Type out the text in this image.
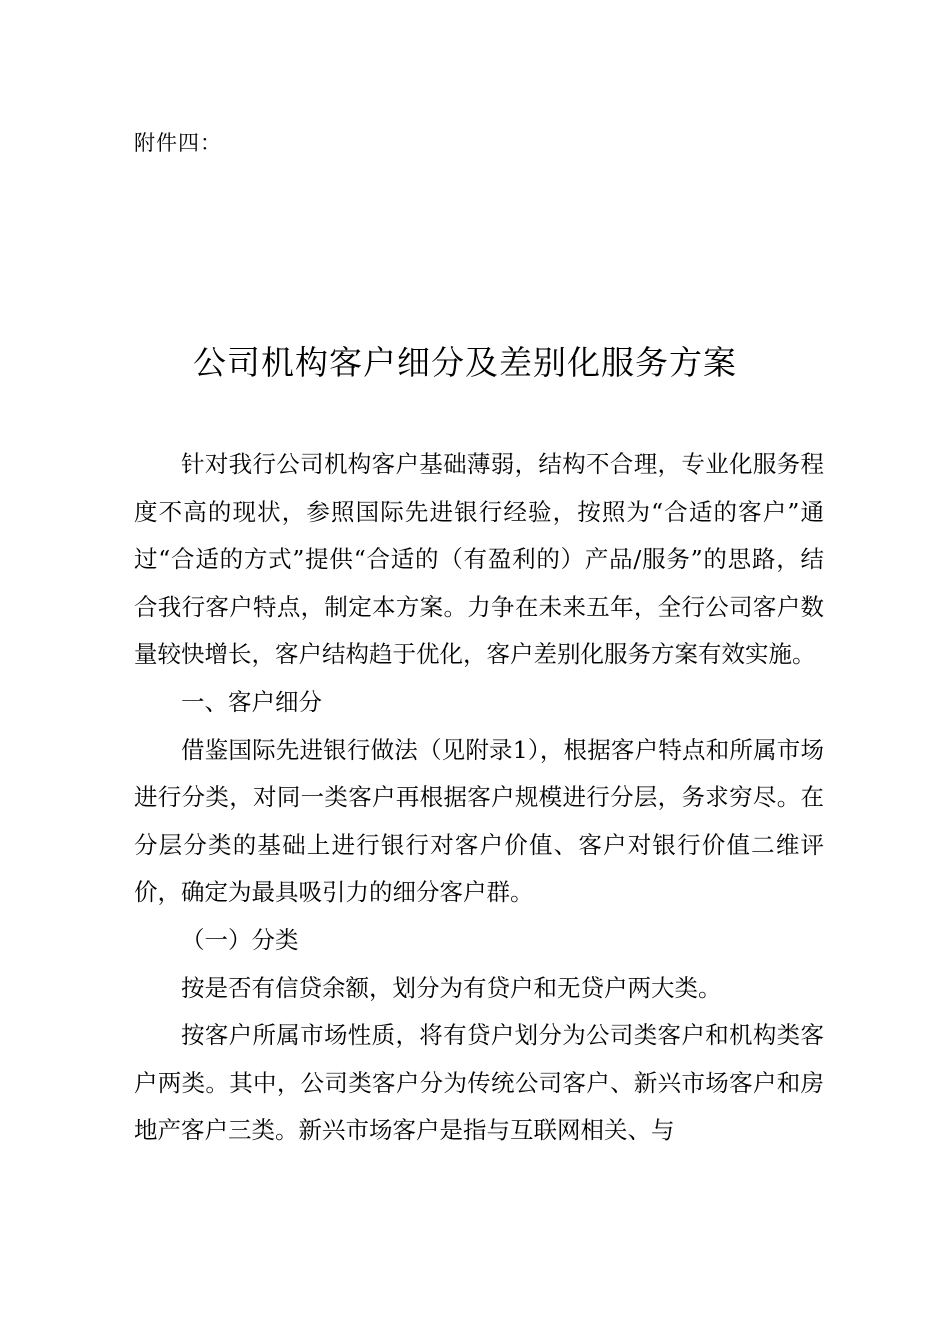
附件四：
公司机构客户细分及差别化服务方案

针对我行公司机构客户基础薄弱，结构不合理，专业化服务程度不高的现状，参照国际先进银行经验，按照为“合适的客户”通过“合适的方式”提供“合适的（有盈利的）产品/服务”的思路，结合我行客户特点，制定本方案。力争在未来五年，全行公司客户数量较快增长，客户结构趋于优化，客户差别化服务方案有效实施。

一、客户细分

借鉴国际先进银行做法（见附录1），根据客户特点和所属市场进行分类，对同一类客户再根据客户规模进行分层，务求穷尽。在分层分类的基础上进行银行对客户价值、客户对银行价值二维评价，确定为最具吸引力的细分客户群。

（一）分类

按是否有信贷余额，划分为有贷户和无贷户两大类。

按客户所属市场性质，将有贷户划分为公司类客户和机构类客户两类。其中，公司类客户分为传统公司客户、新兴市场客户和房地产客户三类。新兴市场客户是指与互联网相关、与
